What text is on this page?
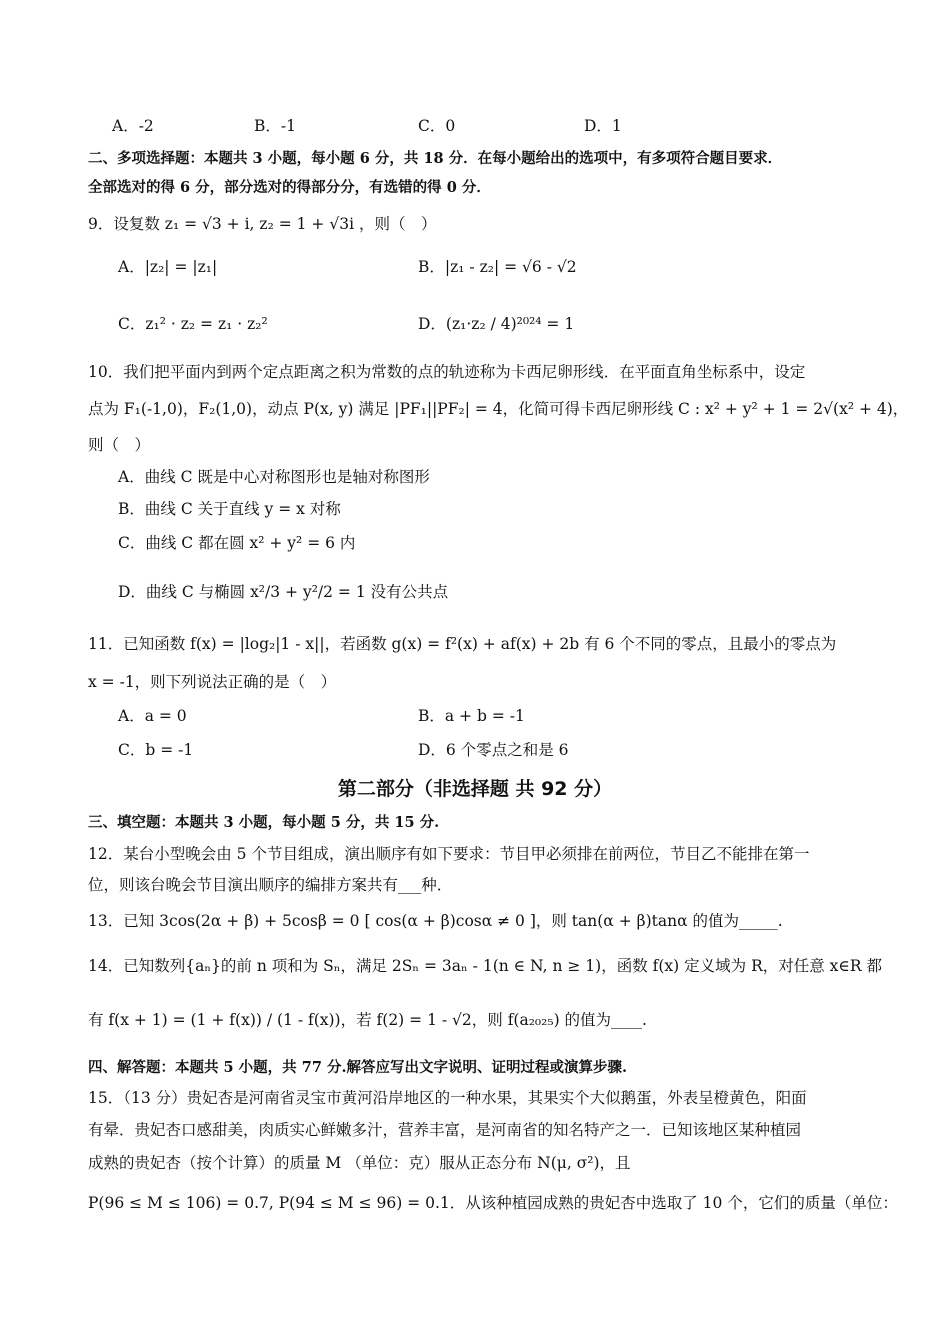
A．-2	B．-1	C．0	D．1
二、多项选择题：本题共 3 小题，每小题 6 分，共 18 分．在每小题给出的选项中，有多项符合题目要求．
全部选对的得 6 分，部分选对的得部分分，有选错的得 0 分．
9．设复数 z₁ = √3 + i, z₂ = 1 + √3i ，则（　）
A．|z₂| = |z₁|	B．|z₁ - z₂| = √6 - √2
C．z₁² · z₂ = z₁ · z₂²	D．(z₁·z₂ / 4)²⁰²⁴ = 1
10．我们把平面内到两个定点距离之积为常数的点的轨迹称为卡西尼卵形线．在平面直角坐标系中，设定
点为 F₁(-1,0)，F₂(1,0)，动点 P(x, y) 满足 |PF₁||PF₂| = 4，化简可得卡西尼卵形线 C : x² + y² + 1 = 2√(x² + 4)，
则（　）
A．曲线 C 既是中心对称图形也是轴对称图形
B．曲线 C 关于直线 y = x 对称
C．曲线 C 都在圆 x² + y² = 6 内
D．曲线 C 与椭圆 x²/3 + y²/2 = 1 没有公共点
11．已知函数 f(x) = |log₂|1 - x||，若函数 g(x) = f²(x) + af(x) + 2b 有 6 个不同的零点，且最小的零点为
x = -1，则下列说法正确的是（　）
A．a = 0	B．a + b = -1
C．b = -1	D．6 个零点之和是 6
第二部分（非选择题 共 92 分）
三、填空题：本题共 3 小题，每小题 5 分，共 15 分.
12．某台小型晚会由 5 个节目组成，演出顺序有如下要求：节目甲必须排在前两位，节目乙不能排在第一
位，则该台晚会节目演出顺序的编排方案共有___种．
13．已知 3cos(2α + β) + 5cosβ = 0 [ cos(α + β)cosα ≠ 0 ]，则 tan(α + β)tanα 的值为_____.
14．已知数列{aₙ}的前 n 项和为 Sₙ，满足 2Sₙ = 3aₙ - 1(n ∈ N, n ≥ 1)，函数 f(x) 定义域为 R，对任意 x∈R 都
有 f(x + 1) = (1 + f(x)) / (1 - f(x))，若 f(2) = 1 - √2，则 f(a₂₀₂₅) 的值为____.
四、解答题：本题共 5 小题，共 77 分.解答应写出文字说明、证明过程或演算步骤.
15．（13 分）贵妃杏是河南省灵宝市黄河沿岸地区的一种水果，其果实个大似鹅蛋，外表呈橙黄色，阳面
有晕．贵妃杏口感甜美，肉质实心鲜嫩多汁，营养丰富，是河南省的知名特产之一．已知该地区某种植园
成熟的贵妃杏（按个计算）的质量 M （单位：克）服从正态分布 N(μ, σ²)，且
P(96 ≤ M ≤ 106) = 0.7, P(94 ≤ M ≤ 96) = 0.1．从该种植园成熟的贵妃杏中选取了 10 个，它们的质量（单位：
